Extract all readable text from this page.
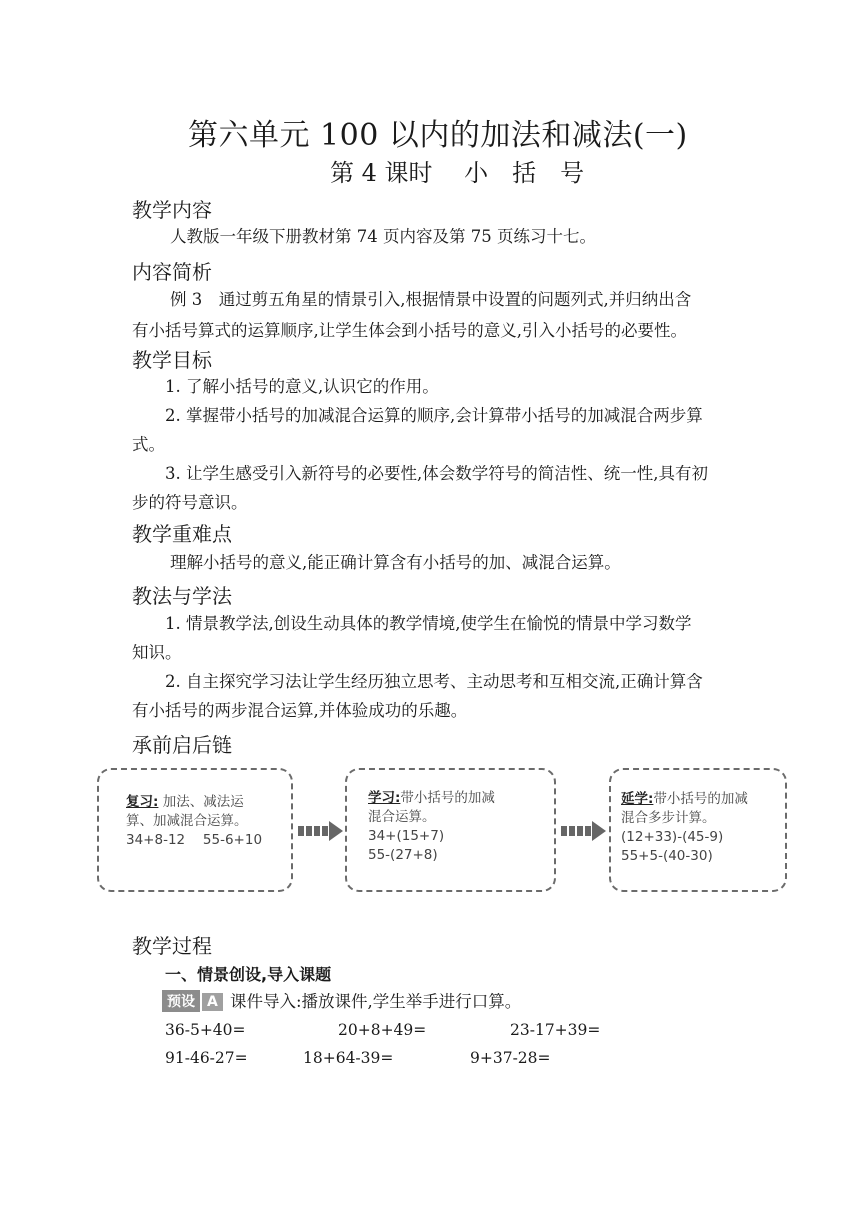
第六单元 100 以内的加法和减法(一)
第 4 课时　 小　括　号
教学内容
人教版一年级下册教材第 74 页内容及第 75 页练习十七。
内容简析
例 3　通过剪五角星的情景引入,根据情景中设置的问题列式,并归纳出含
有小括号算式的运算顺序,让学生体会到小括号的意义,引入小括号的必要性。
教学目标
1. 了解小括号的意义,认识它的作用。
2. 掌握带小括号的加减混合运算的顺序,会计算带小括号的加减混合两步算
式。
3. 让学生感受引入新符号的必要性,体会数学符号的简洁性、统一性,具有初
步的符号意识。
教学重难点
理解小括号的意义,能正确计算含有小括号的加、减混合运算。
教法与学法
1. 情景教学法,创设生动具体的教学情境,使学生在愉悦的情景中学习数学
知识。
2. 自主探究学习法让学生经历独立思考、主动思考和互相交流,正确计算含
有小括号的两步混合运算,并体验成功的乐趣。
承前启后链
复习: 加法、减法运
算、加减混合运算。
34+8-12　 55-6+10
学习:带小括号的加减
混合运算。
34+(15+7)
55-(27+8)
延学:带小括号的加减
混合多步计算。
(12+33)-(45-9)
55+5-(40-30)
教学过程
一、情景创设,导入课题
预设 A 课件导入:播放课件,学生举手进行口算。
36-5+40=	20+8+49=	23-17+39=
91-46-27=	18+64-39=	9+37-28=
